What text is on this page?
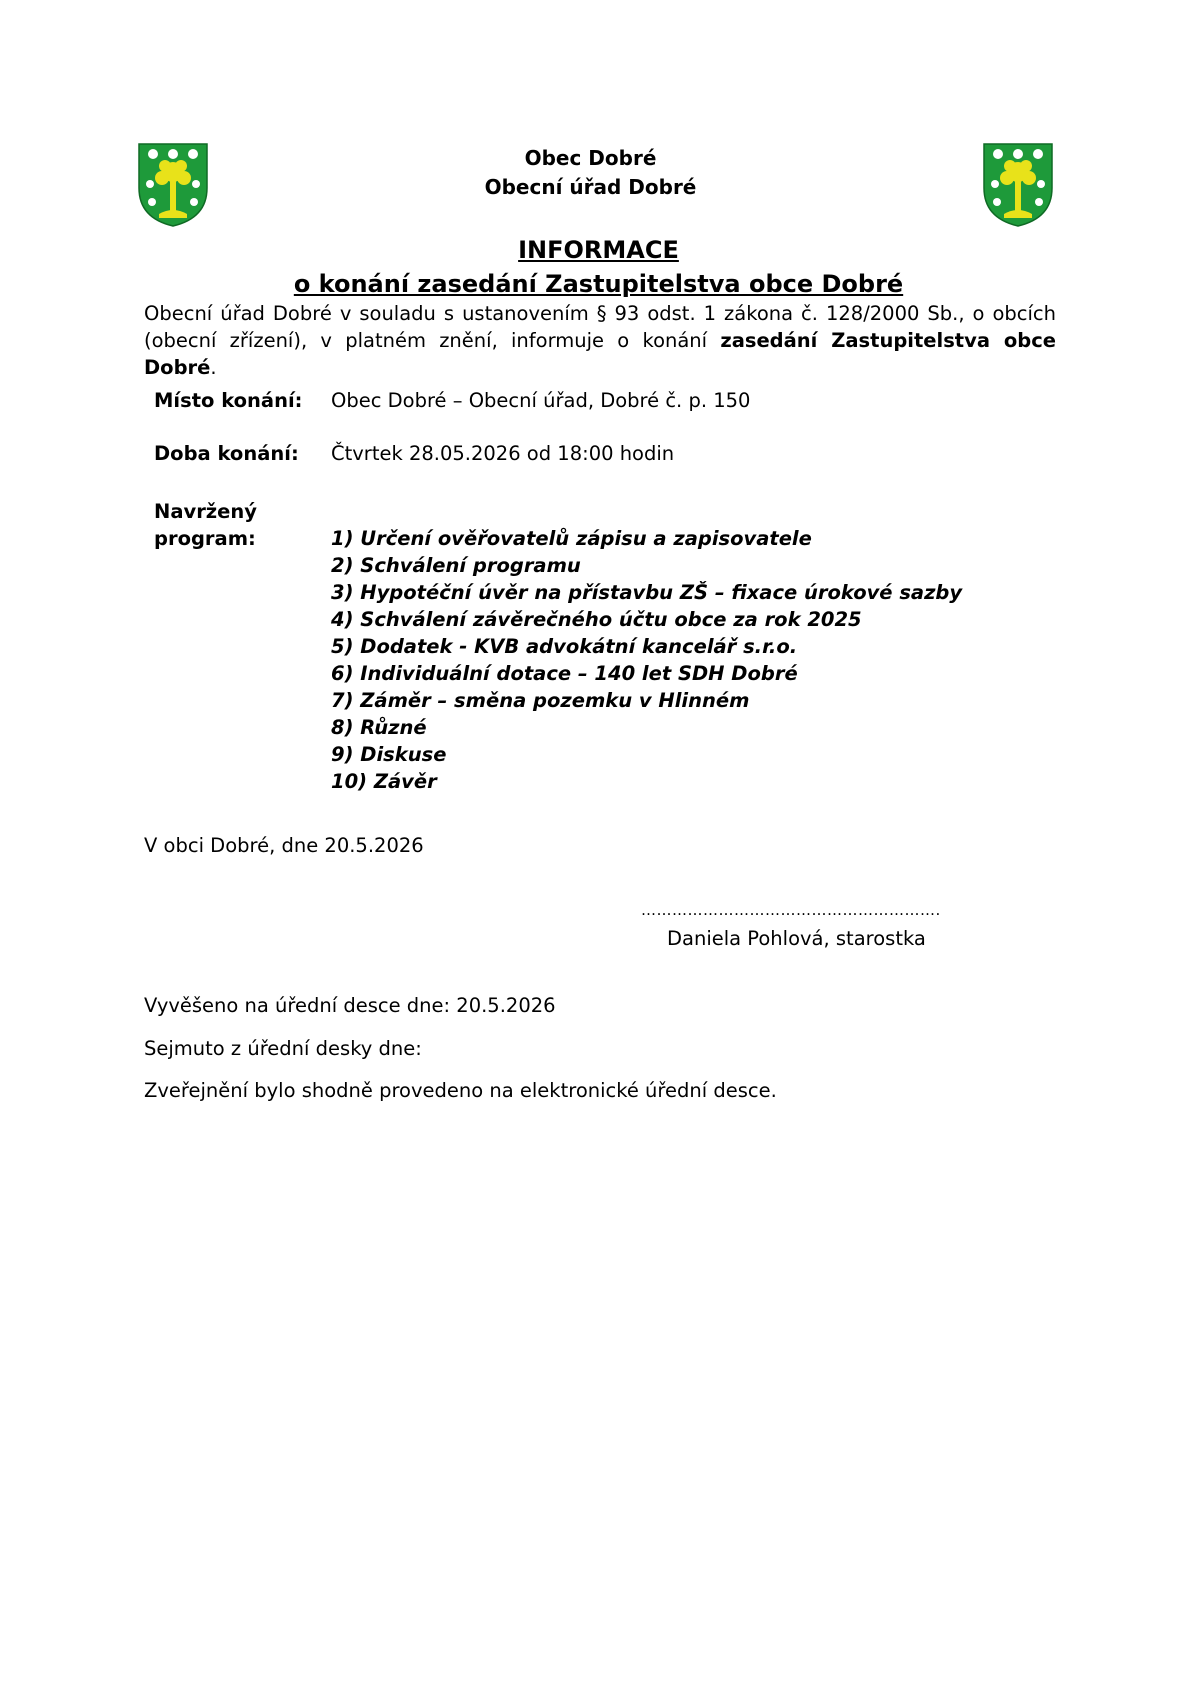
Obec Dobré
Obecní úřad Dobré
INFORMACE
o konání zasedání Zastupitelstva obce Dobré
Obecní úřad Dobré v souladu s ustanovením § 93 odst. 1 zákona č. 128/2000 Sb., o obcích (obecní zřízení), v platném znění, informuje o konání zasedání Zastupitelstva obce Dobré.
Místo konání: Obec Dobré – Obecní úřad, Dobré č. p. 150
Doba konání: Čtvrtek 28.05.2026 od 18:00 hodin
Navržený
program:	1) Určení ověřovatelů zápisu a zapisovatele
2) Schválení programu
3) Hypotéční úvěr na přístavbu ZŠ – fixace úrokové sazby
4) Schválení závěrečného účtu obce za rok 2025
5) Dodatek - KVB advokátní kancelář s.r.o.
6) Individuální dotace – 140 let SDH Dobré
7) Záměr – směna pozemku v Hlinném
8) Různé
9) Diskuse
10) Závěr
V obci Dobré, dne 20.5.2026
………………………………………………….
Daniela Pohlová, starostka
Vyvěšeno na úřední desce dne: 20.5.2026
Sejmuto z úřední desky dne:
Zveřejnění bylo shodně provedeno na elektronické úřední desce.
